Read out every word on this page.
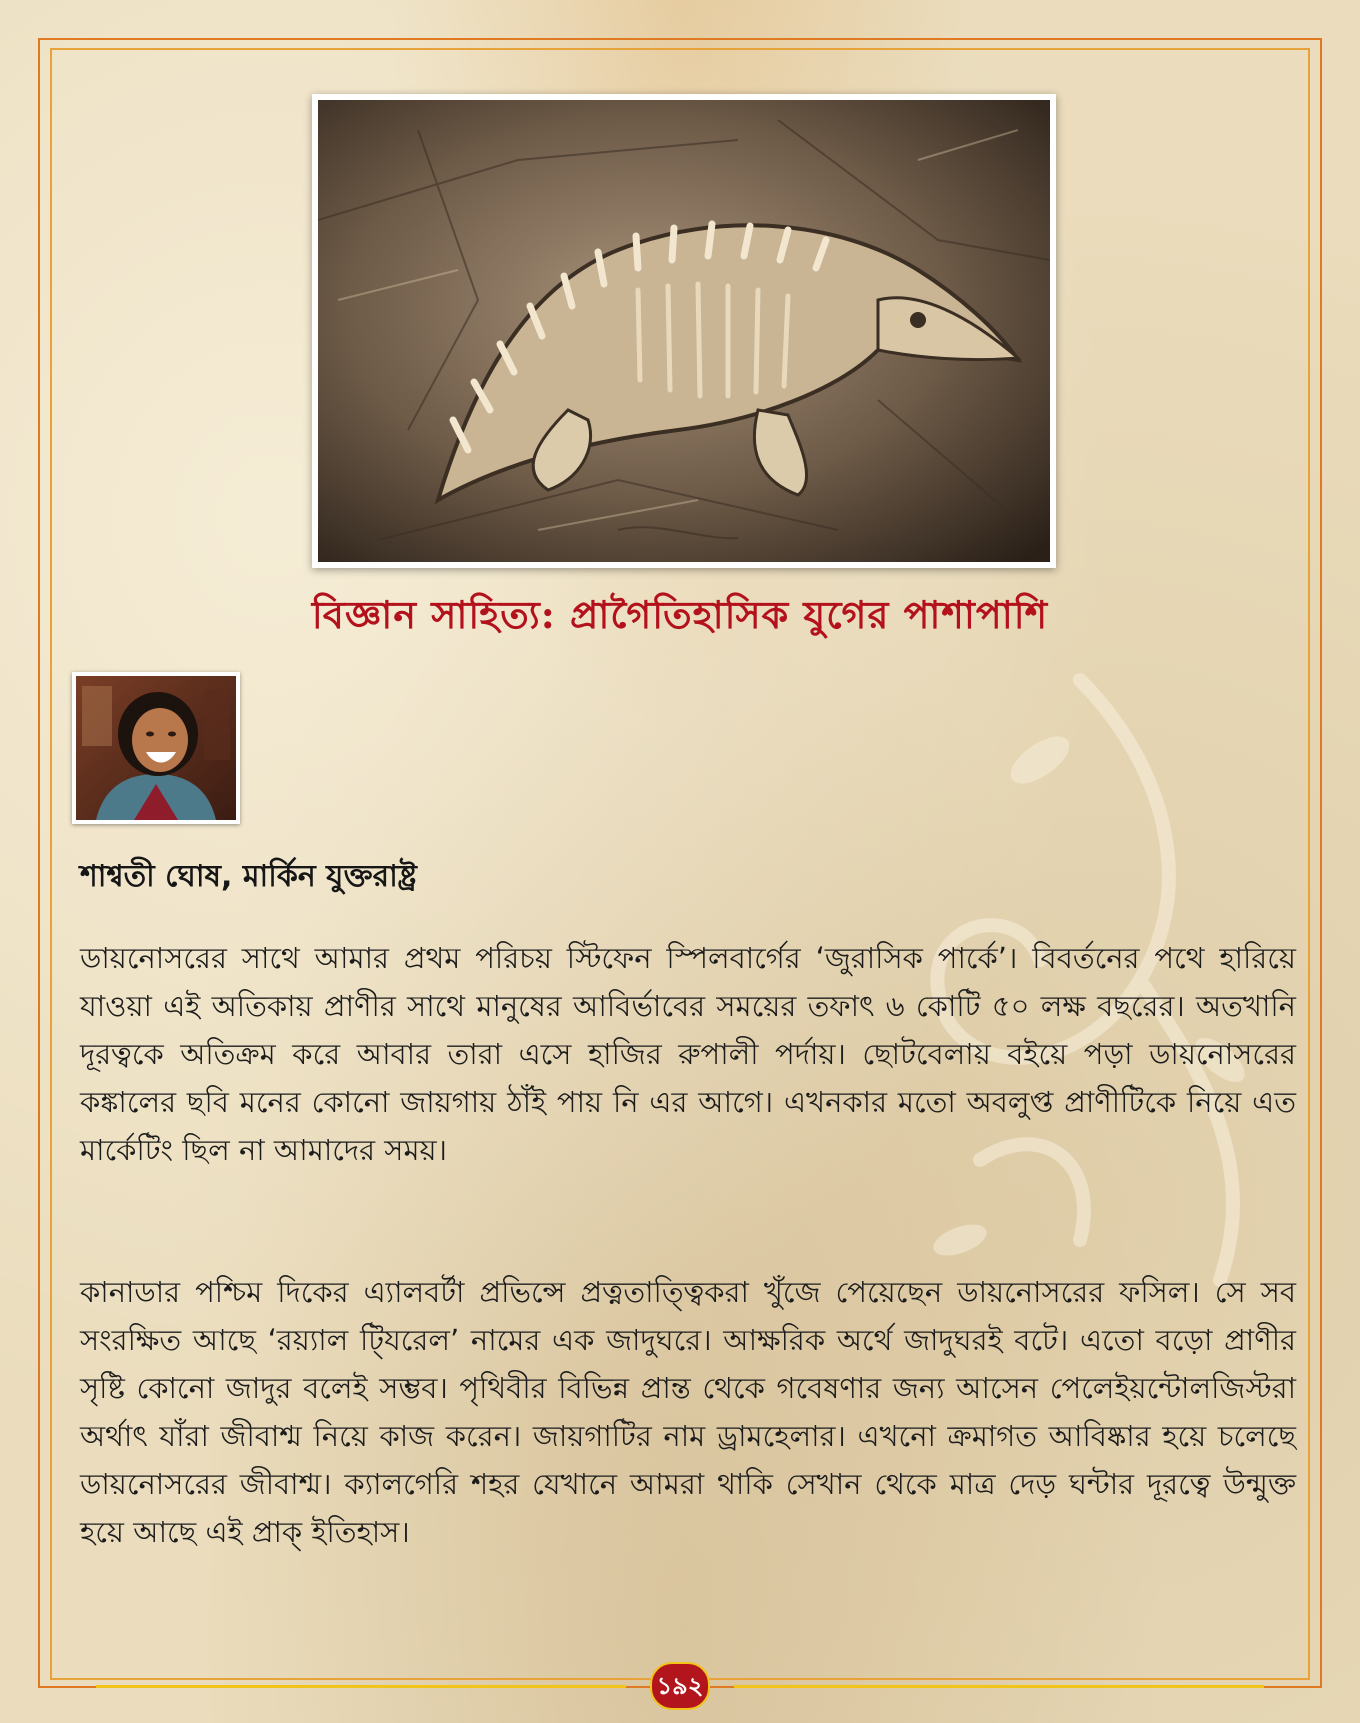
বিজ্ঞান সাহিত্য: প্রাগৈতিহাসিক যুগের পাশাপাশি
শাশ্বতী ঘোষ, মার্কিন যুক্তরাষ্ট্র

ডায়নোসরের সাথে আমার প্রথম পরিচয় স্টিফেন স্পিলবার্গের ‘জুরাসিক পার্কে’। বিবর্তনের পথে হারিয়ে যাওয়া এই অতিকায় প্রাণীর সাথে মানুষের আবির্ভাবের সময়ের তফাৎ ৬ কোটি ৫০ লক্ষ বছরের। অতখানি দূরত্বকে অতিক্রম করে আবার তারা এসে হাজির রুপালী পর্দায়। ছোটবেলায় বইয়ে পড়া ডায়নোসরের কঙ্কালের ছবি মনের কোনো জায়গায় ঠাঁই পায় নি এর আগে। এখনকার মতো অবলুপ্ত প্রাণীটিকে নিয়ে এত মার্কেটিং ছিল না আমাদের সময়।

কানাডার পশ্চিম দিকের এ্যালবর্টা প্রভিন্সে প্রত্নতাত্ত্বিকরা খুঁজে পেয়েছেন ডায়নোসরের ফসিল। সে সব সংরক্ষিত আছে ‘রয়্যাল টি্যরেল’ নামের এক জাদুঘরে। আক্ষরিক অর্থে জাদুঘরই বটে। এতো বড়ো প্রাণীর সৃষ্টি কোনো জাদুর বলেই সম্ভব। পৃথিবীর বিভিন্ন প্রান্ত থেকে গবেষণার জন্য আসেন পেলেইয়ন্টোলজিস্টরা অর্থাৎ যাঁরা জীবাশ্ম নিয়ে কাজ করেন। জায়গাটির নাম ড্রামহেলার। এখনো ক্রমাগত আবিষ্কার হয়ে চলেছে ডায়নোসরের জীবাশ্ম। ক্যালগেরি শহর যেখানে আমরা থাকি সেখান থেকে মাত্র দেড় ঘন্টার দূরত্বে উন্মুক্ত হয়ে আছে এই প্রাক্ ইতিহাস।

১৯২
